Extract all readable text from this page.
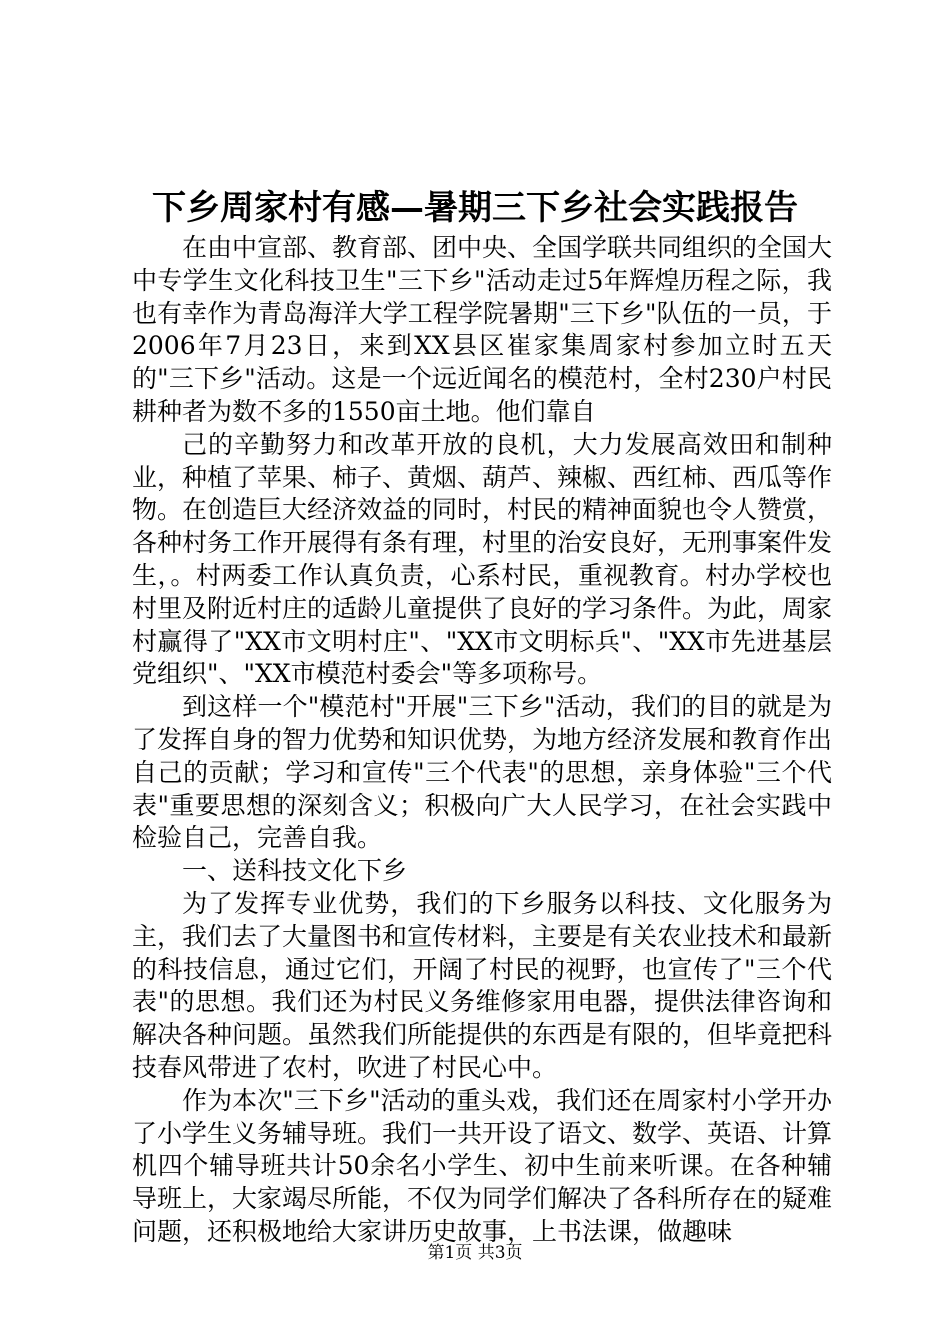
下乡周家村有感—暑期三下乡社会实践报告

在由中宣部、教育部、团中央、全国学联共同组织的全国大中专学生文化科技卫生"三下乡"活动走过5年辉煌历程之际，我也有幸作为青岛海洋大学工程学院暑期"三下乡"队伍的一员，于2006年7月23日，来到XX县区崔家集周家村参加立时五天的"三下乡"活动。这是一个远近闻名的模范村，全村230户村民耕种者为数不多的1550亩土地。他们靠自

己的辛勤努力和改革开放的良机，大力发展高效田和制种业，种植了苹果、柿子、黄烟、葫芦、辣椒、西红柿、西瓜等作物。在创造巨大经济效益的同时，村民的精神面貌也令人赞赏，各种村务工作开展得有条有理，村里的治安良好，无刑事案件发生，。村两委工作认真负责，心系村民，重视教育。村办学校也村里及附近村庄的适龄儿童提供了良好的学习条件。为此，周家村赢得了"XX市文明村庄"、"XX市文明标兵"、"XX市先进基层党组织"、"XX市模范村委会"等多项称号。

到这样一个"模范村"开展"三下乡"活动，我们的目的就是为了发挥自身的智力优势和知识优势，为地方经济发展和教育作出自己的贡献；学习和宣传"三个代表"的思想，亲身体验"三个代表"重要思想的深刻含义；积极向广大人民学习，在社会实践中检验自己，完善自我。

一、送科技文化下乡

为了发挥专业优势，我们的下乡服务以科技、文化服务为主，我们去了大量图书和宣传材料，主要是有关农业技术和最新的科技信息，通过它们，开阔了村民的视野，也宣传了"三个代表"的思想。我们还为村民义务维修家用电器，提供法律咨询和解决各种问题。虽然我们所能提供的东西是有限的，但毕竟把科技春风带进了农村，吹进了村民心中。

作为本次"三下乡"活动的重头戏，我们还在周家村小学开办了小学生义务辅导班。我们一共开设了语文、数学、英语、计算机四个辅导班共计50余名小学生、初中生前来听课。在各种辅导班上，大家竭尽所能，不仅为同学们解决了各科所存在的疑难问题，还积极地给大家讲历史故事，上书法课，做趣味

第1页 共3页
